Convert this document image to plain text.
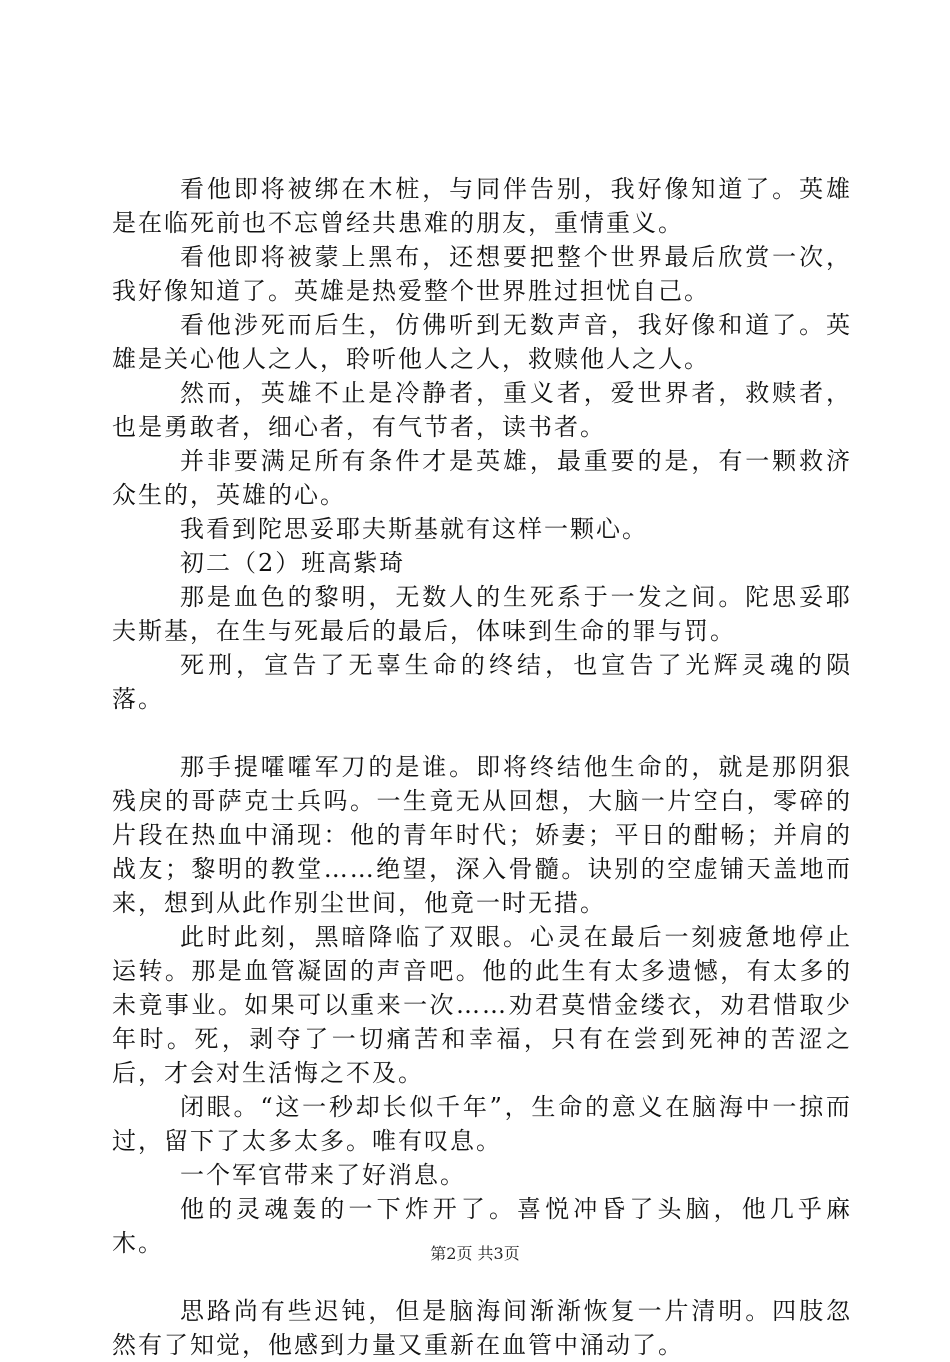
看他即将被绑在木桩，与同伴告别，我好像知道了。英雄是在临死前也不忘曾经共患难的朋友，重情重义。

看他即将被蒙上黑布，还想要把整个世界最后欣赏一次，我好像知道了。英雄是热爱整个世界胜过担忧自己。

看他涉死而后生，仿佛听到无数声音，我好像和道了。英雄是关心他人之人，聆听他人之人，救赎他人之人。

然而，英雄不止是冷静者，重义者，爱世界者，救赎者，也是勇敢者，细心者，有气节者，读书者。

并非要满足所有条件才是英雄，最重要的是，有一颗救济众生的，英雄的心。

我看到陀思妥耶夫斯基就有这样一颗心。

初二（2）班高紫琦

那是血色的黎明，无数人的生死系于一发之间。陀思妥耶夫斯基，在生与死最后的最后，体味到生命的罪与罚。

死刑，宣告了无辜生命的终结，也宣告了光辉灵魂的陨落。

那手提嚯嚯军刀的是谁。即将终结他生命的，就是那阴狠残戾的哥萨克士兵吗。一生竟无从回想，大脑一片空白，零碎的片段在热血中涌现：他的青年时代；娇妻；平日的酣畅；并肩的战友；黎明的教堂……绝望，深入骨髓。诀别的空虚铺天盖地而来，想到从此作别尘世间，他竟一时无措。

此时此刻，黑暗降临了双眼。心灵在最后一刻疲惫地停止运转。那是血管凝固的声音吧。他的此生有太多遗憾，有太多的未竟事业。如果可以重来一次……劝君莫惜金缕衣，劝君惜取少年时。死，剥夺了一切痛苦和幸福，只有在尝到死神的苦涩之后，才会对生活悔之不及。

闭眼。“这一秒却长似千年”，生命的意义在脑海中一掠而过，留下了太多太多。唯有叹息。

一个军官带来了好消息。

他的灵魂轰的一下炸开了。喜悦冲昏了头脑，他几乎麻木。

思路尚有些迟钝，但是脑海间渐渐恢复一片清明。四肢忽然有了知觉，他感到力量又重新在血管中涌动了。

第2页 共3页
